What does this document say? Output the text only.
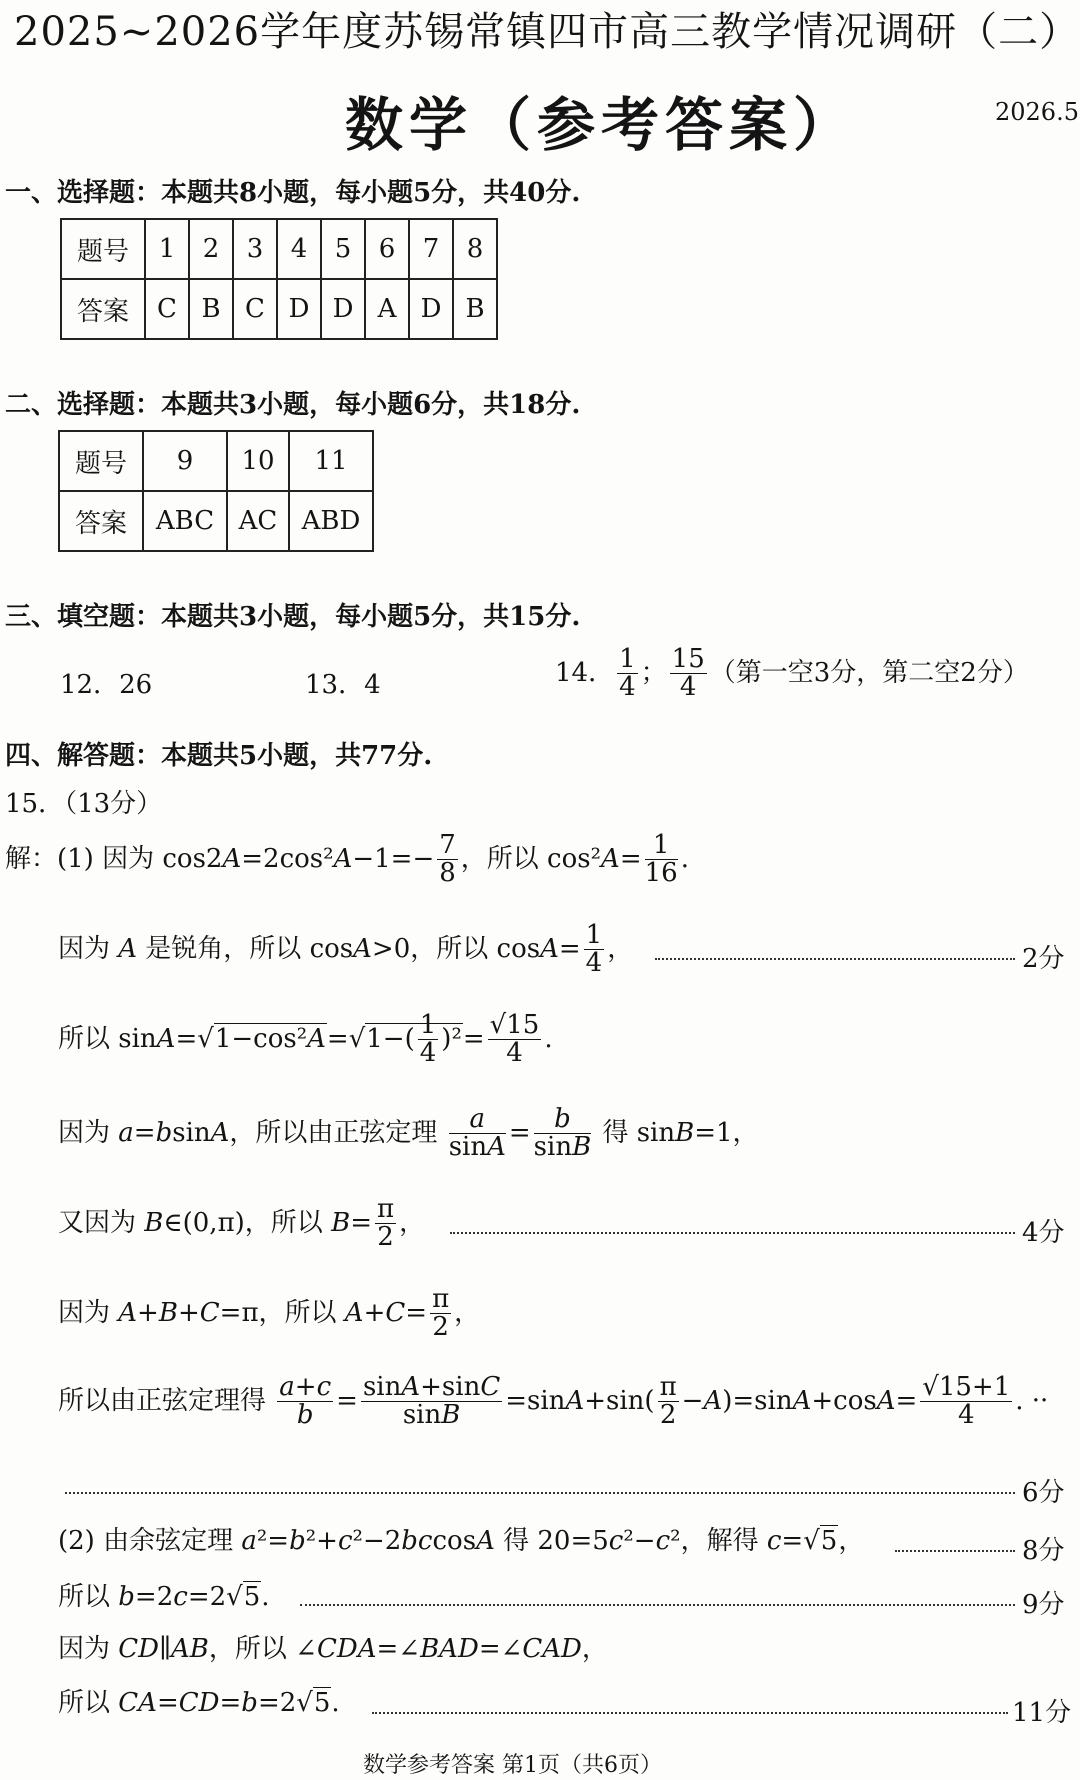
2025~2026学年度苏锡常镇四市高三教学情况调研（二）
数学（参考答案）	2026.5
一、选择题：本题共8小题，每小题5分，共40分.
题号	1	2	3	4	5	6	7	8
答案	C	B	C	D	D	A	D	B
二、选择题：本题共3小题，每小题6分，共18分.
题号	9	10	11
答案	ABC	AC	ABD
三、填空题：本题共3小题，每小题5分，共15分.
12．26	13．4	14． $\frac{1}{4}$ ； $\frac{15}{4}$ （第一空3分，第二空2分）
四、解答题：本题共5小题，共77分.
15．（13分）
解：(1) 因为 $\cos 2A=2\cos^2A-1=- \frac{7}{8}$ ，所以 $\cos^2A= \frac{1}{16}$ .
因为 A 是锐角，所以 cosA>0，所以 $\cos A= \frac{1}{4}$ ，	2分
所以 $\sin A=√1-\cos^2A=√1-( \frac{1}{4} )^2= \frac{√15}{4}$ .
因为 a=bsinA，所以由正弦定理 $\frac{a}{\sin A} = \frac{b}{\sin B}$ 得 sinB=1，
又因为 B∈(0,π)，所以 $B= \frac{\pi}{2}$ ，	4分
因为 A+B+C=π，所以 $A+C= \frac{\pi}{2}$ ，
所以由正弦定理得 $\frac{a+c}{b} = \frac{\sin A+\sin C}{\sin B} =\sin A+\sin( \frac{\pi}{2} -A)=\sin A+\cos A= \frac{√15+1}{4}$ . ··
6分
(2) 由余弦定理 a²=b²+c²−2bccosA 得 20=5c²−c²，解得 c=√5，	8分
所以 b=2c=2√5.	9分
因为 CD∥AB，所以 ∠CDA=∠BAD=∠CAD，
所以 CA=CD=b=2√5.	11分
数学参考答案 第1页（共6页）
